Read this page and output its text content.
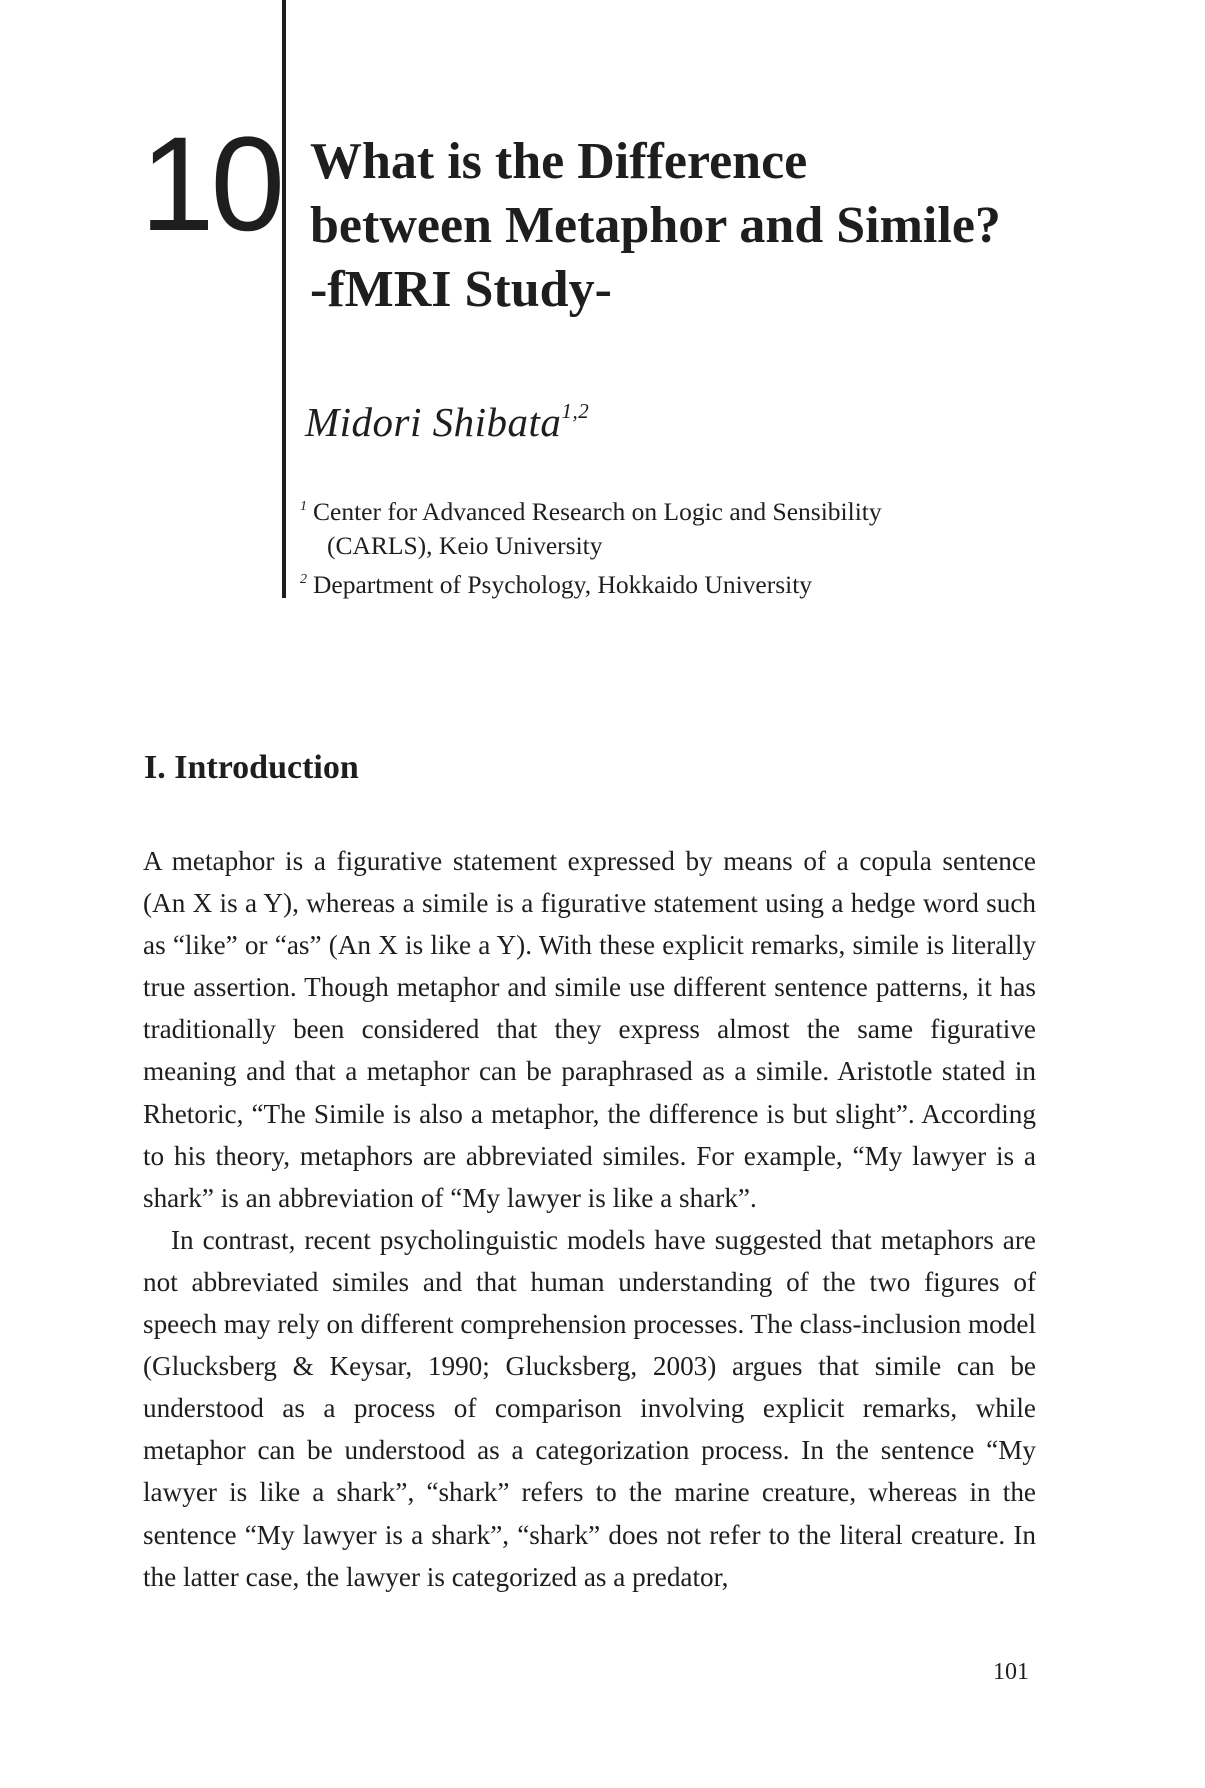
10 What is the Difference
between Metaphor and Simile?
-fMRI Study-
Midori Shibata$^{1,2}$
$^1$ Center for Advanced Research on Logic and Sensibility
(CARLS), Keio University
$^2$ Department of Psychology, Hokkaido University
I. Introduction

A metaphor is a figurative statement expressed by means of a copula sentence (An X is a Y), whereas a simile is a figurative statement using a hedge word such as “like” or “as” (An X is like a Y). With these explicit remarks, simile is literally true assertion. Though metaphor and simile use different sentence patterns, it has traditionally been considered that they express almost the same figurative meaning and that a metaphor can be paraphrased as a simile. Aristotle stated in Rhetoric, “The Simile is also a metaphor, the difference is but slight”. According to his theory, metaphors are abbreviated similes. For example, “My lawyer is a shark” is an abbreviation of “My lawyer is like a shark”.

In contrast, recent psycholinguistic models have suggested that metaphors are not abbreviated similes and that human understanding of the two figures of speech may rely on different comprehension processes. The class-inclusion model (Glucksberg & Keysar, 1990; Glucksberg, 2003) argues that simile can be understood as a process of comparison involving explicit remarks, while metaphor can be understood as a categorization process. In the sentence “My lawyer is like a shark”, “shark” refers to the marine creature, whereas in the sentence “My lawyer is a shark”, “shark” does not refer to the literal creature. In the latter case, the lawyer is categorized as a predator,

101
